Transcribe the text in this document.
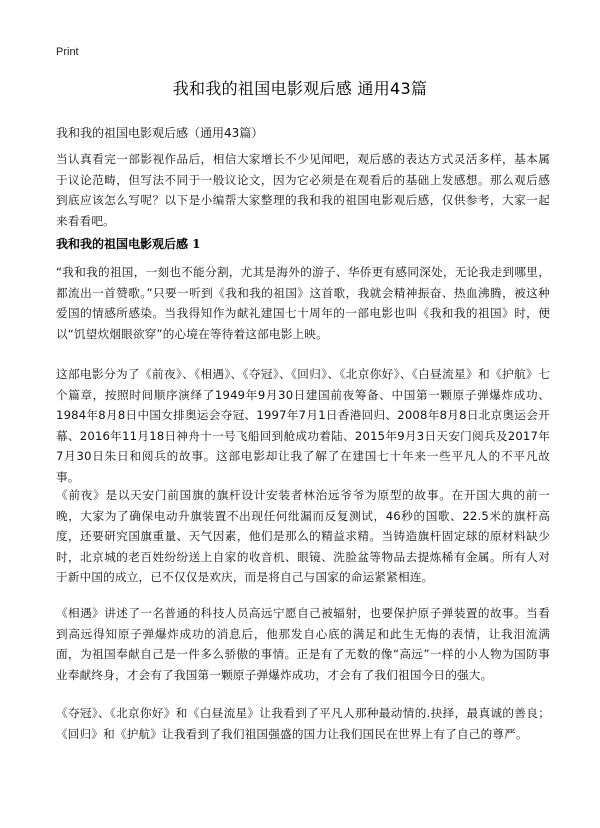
Print
我和我的祖国电影观后感 通用43篇
我和我的祖国电影观后感（通用43篇）

当认真看完一部影视作品后，相信大家增长不少见闻吧，观后感的表达方式灵活多样，基本属于议论范畴，但写法不同于一般议论文，因为它必须是在观看后的基础上发感想。那么观后感到底应该怎么写呢？以下是小编帮大家整理的我和我的祖国电影观后感，仅供参考，大家一起来看看吧。

我和我的祖国电影观后感 1

“我和我的祖国，一刻也不能分割，尤其是海外的游子、华侨更有感同深处，无论我走到哪里，都流出一首赞歌。”只要一听到《我和我的祖国》这首歌，我就会精神振奋、热血沸腾，被这种爱国的情感所感染。当我得知作为献礼建国七十周年的一部电影也叫《我和我的祖国》时，便以“饥望炊烟眼欲穿”的心境在等待着这部电影上映。

这部电影分为了《前夜》、《相遇》、《夺冠》、《回归》、《北京你好》、《白昼流星》和《护航》七个篇章，按照时间顺序演绎了1949年9月30日建国前夜筹备、中国第一颗原子弹爆炸成功、1984年8月8日中国女排奥运会夺冠、1997年7月1日香港回归、2008年8月8日北京奥运会开幕、2016年11月18日神舟十一号飞船回到舱成功着陆、2015年9月3日天安门阅兵及2017年7月30日朱日和阅兵的故事。这部电影却让我了解了在建国七十年来一些平凡人的不平凡故事。

《前夜》是以天安门前国旗的旗杆设计安装者林治远爷爷为原型的故事。在开国大典的前一晚，大家为了确保电动升旗装置不出现任何纰漏而反复测试，46秒的国歌、22.5米的旗杆高度，还要研究国旗重量、天气因素，他们是那么的精益求精。当铸造旗杆固定球的原材料缺少时，北京城的老百姓纷纷送上自家的收音机、眼镜、洗脸盆等物品去提炼稀有金属。所有人对于新中国的成立，已不仅仅是欢庆，而是将自己与国家的命运紧紧相连。

《相遇》讲述了一名普通的科技人员高远宁愿自己被辐射，也要保护原子弹装置的故事。当看到高远得知原子弹爆炸成功的消息后，他那发自心底的满足和此生无悔的表情，让我泪流满面，为祖国奉献自己是一件多么骄傲的事情。正是有了无数的像“高远”一样的小人物为国防事业奉献终身，才会有了我国第一颗原子弹爆炸成功，才会有了我们祖国今日的强大。

《夺冠》、《北京你好》和《白昼流星》让我看到了平凡人那种最动情的.抉择，最真诚的善良；《回归》和《护航》让我看到了我们祖国强盛的国力让我们国民在世界上有了自己的尊严。
